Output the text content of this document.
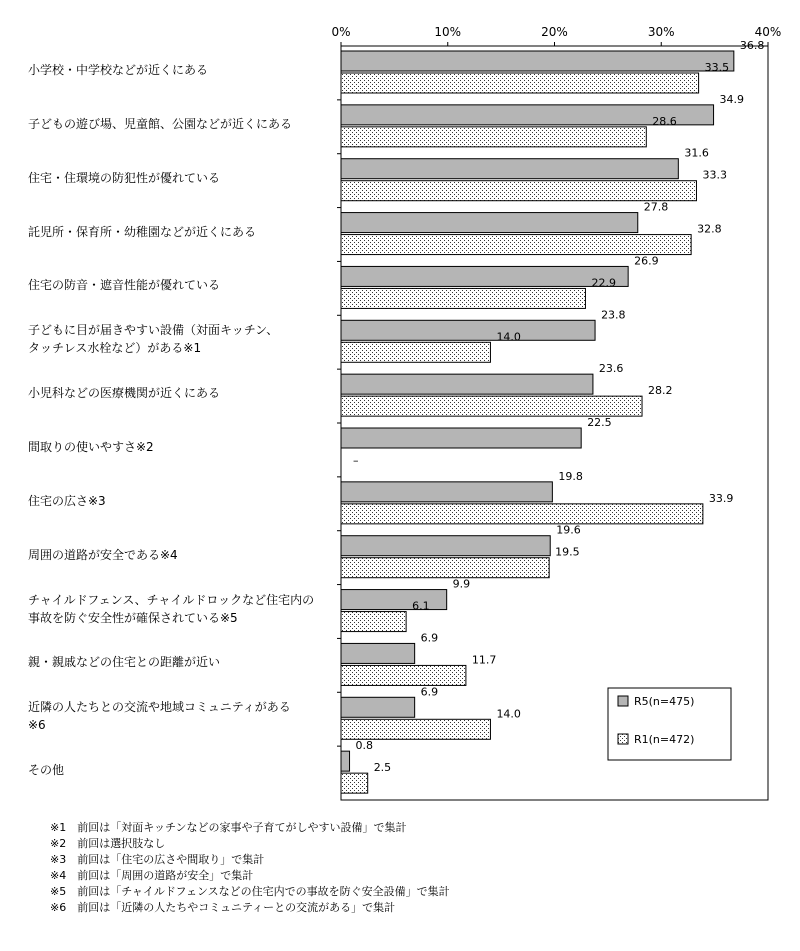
0%	10%	20%	30%	40%
36.8
34.9
31.6
27.8
26.9
23.8
23.6
22.5
19.8
19.6
9.9
6.9
6.9
0.8
33.5
28.6
33.3
32.8
22.9
14.0
28.2
–
33.9
19.5
6.1
11.7
14.0
2.5
R5(n=475)
R1(n=472)
小学校・中学校などが近くにある
子どもの遊び場、児童館、公園などが近くにある
住宅・住環境の防犯性が優れている
託児所・保育所・幼稚園などが近くにある
住宅の防音・遮音性能が優れている
子どもに目が届きやすい設備（対面キッチン、
タッチレス水栓など）がある※1
小児科などの医療機関が近くにある
間取りの使いやすさ※2
住宅の広さ※3
周囲の道路が安全である※4
チャイルドフェンス、チャイルドロックなど住宅内の
事故を防ぐ安全性が確保されている※5
親・親戚などの住宅との距離が近い
近隣の人たちとの交流や地域コミュニティがある
※6
その他
※1　前回は「対面キッチンなどの家事や子育てがしやすい設備」で集計
※2　前回は選択肢なし
※3　前回は「住宅の広さや間取り」で集計
※4　前回は「周囲の道路が安全」で集計
※5　前回は「チャイルドフェンスなどの住宅内での事故を防ぐ安全設備」で集計
※6　前回は「近隣の人たちやコミュニティーとの交流がある」で集計
